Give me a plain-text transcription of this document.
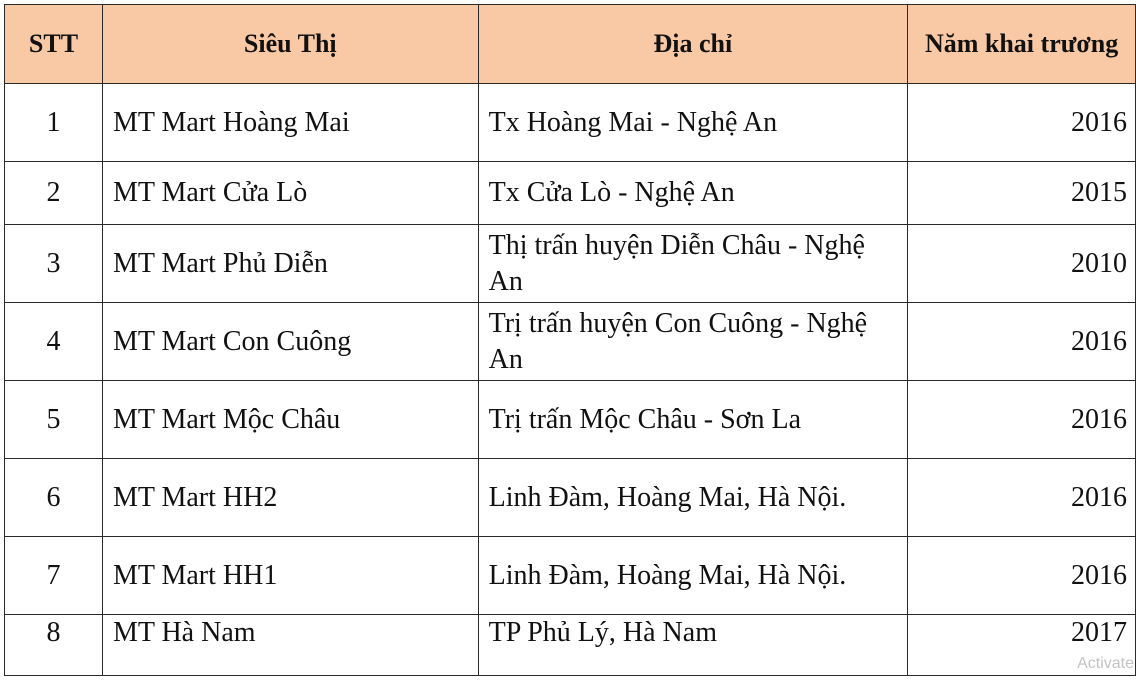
STT	Siêu Thị	Địa chỉ	Năm khai trương
1	MT Mart Hoàng Mai	Tx Hoàng Mai - Nghệ An	2016
2	MT Mart Cửa Lò	Tx Cửa Lò - Nghệ An	2015
3	MT Mart Phủ Diễn	Thị trấn huyện Diễn Châu - Nghệ An	2010
4	MT Mart Con Cuông	Trị trấn huyện Con Cuông - Nghệ An	2016
5	MT Mart Mộc Châu	Trị trấn Mộc Châu - Sơn La	2016
6	MT Mart HH2	Linh Đàm, Hoàng Mai, Hà Nội.	2016
7	MT Mart HH1	Linh Đàm, Hoàng Mai, Hà Nội.	2016
8	MT Hà Nam	TP Phủ Lý, Hà Nam	2017
Activate
